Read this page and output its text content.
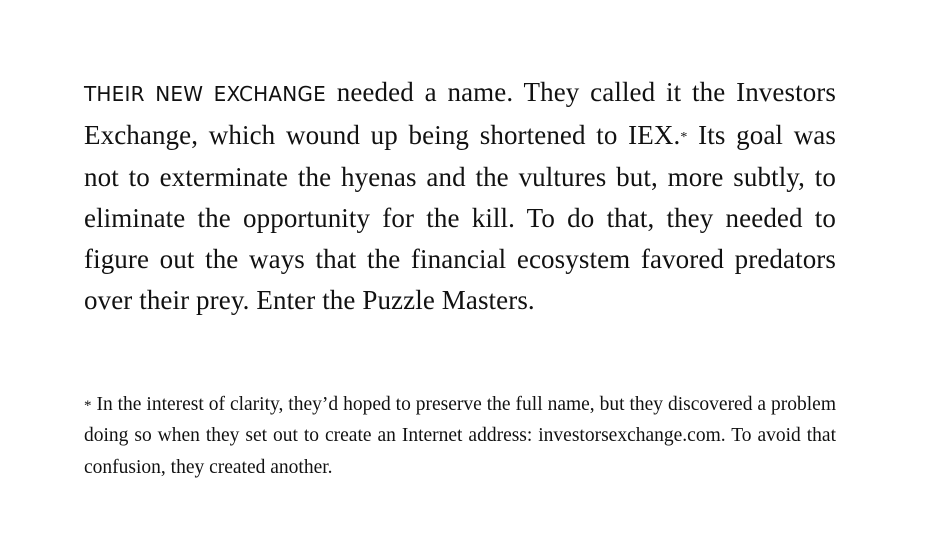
THEIR NEW EXCHANGE needed a name. They called it the Investors Exchange, which wound up being shortened to IEX.* Its goal was not to exterminate the hyenas and the vultures but, more subtly, to eliminate the opportunity for the kill. To do that, they needed to figure out the ways that the financial ecosystem favored predators over their prey. Enter the Puzzle Masters.

* In the interest of clarity, they’d hoped to preserve the full name, but they discovered a problem doing so when they set out to create an Internet address: investorsexchange.com. To avoid that confusion, they created another.
